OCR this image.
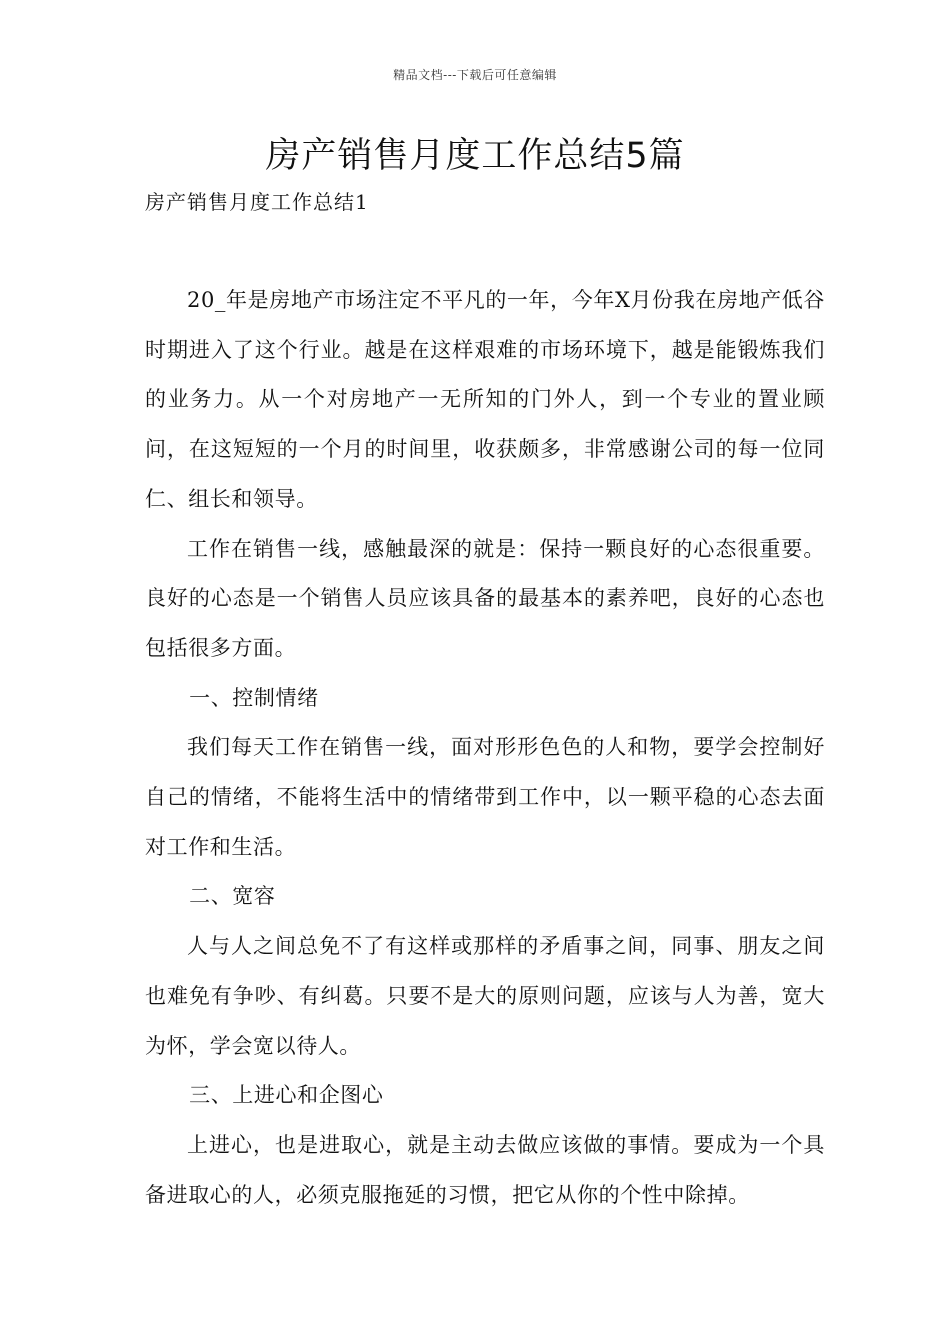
精品文档---下载后可任意编辑
房产销售月度工作总结5篇
房产销售月度工作总结1

20_年是房地产市场注定不平凡的一年，今年X月份我在房地产低谷时期进入了这个行业。越是在这样艰难的市场环境下，越是能锻炼我们的业务力。从一个对房地产一无所知的门外人，到一个专业的置业顾问，在这短短的一个月的时间里，收获颇多，非常感谢公司的每一位同仁、组长和领导。

工作在销售一线，感触最深的就是：保持一颗良好的心态很重要。良好的心态是一个销售人员应该具备的最基本的素养吧，良好的心态也包括很多方面。

一、控制情绪

我们每天工作在销售一线，面对形形色色的人和物，要学会控制好自己的情绪，不能将生活中的情绪带到工作中，以一颗平稳的心态去面对工作和生活。

二、宽容

人与人之间总免不了有这样或那样的矛盾事之间，同事、朋友之间也难免有争吵、有纠葛。只要不是大的原则问题，应该与人为善，宽大为怀，学会宽以待人。

三、上进心和企图心

上进心，也是进取心，就是主动去做应该做的事情。要成为一个具备进取心的人，必须克服拖延的习惯，把它从你的个性中除掉。
